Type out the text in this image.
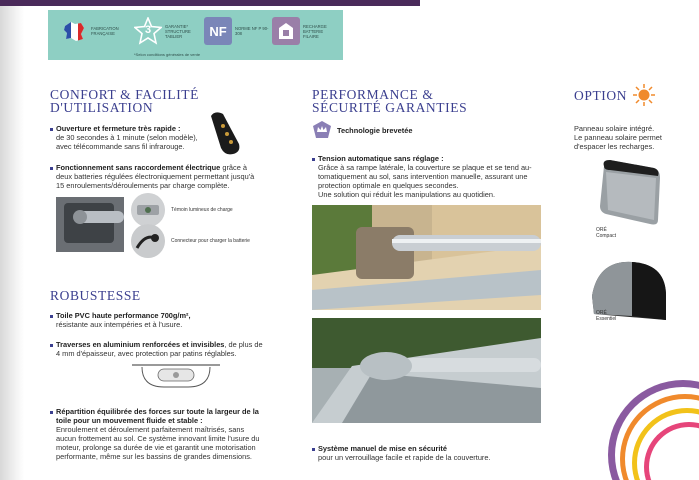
FABRICATION FRANÇAISE	3	GARANTIE* STRUCTURE TABLIER	NF NORME NF P 90-308
RECHARGE BATTERIE FILAIRE
*Selon conditions générales de vente
CONFORT & FACILITÉ
D'UTILISATION
Ouverture et fermeture très rapide :
de 30 secondes à 1 minute (selon modèle),
avec télécommande sans fil infrarouge.
Fonctionnement sans raccordement électrique grâce à
deux batteries régulées électroniquement permettant jusqu'à
15 enroulements/déroulements par charge complète.
Témoin lumineux de charge
Connecteur pour charger la batterie
ROBUSTESSE
Toile PVC haute performance 700g/m²,
résistante aux intempéries et à l'usure.
Traverses en aluminium renforcées et invisibles, de plus de
4 mm d'épaisseur, avec protection par patins réglables.
Répartition équilibrée des forces sur toute la largeur de la
toile pour un mouvement fluide et stable :
Enroulement et déroulement parfaitement maîtrisés, sans
aucun frottement au sol. Ce système innovant limite l'usure du
moteur, prolonge sa durée de vie et garantit une motorisation
performante, même sur les bassins de grandes dimensions.
PERFORMANCE &
SÉCURITÉ GARANTIES
Technologie brevetée
Tension automatique sans réglage :
Grâce à sa rampe latérale, la couverture se plaque et se tend au-
tomatiquement au sol, sans intervention manuelle, assurant une
protection optimale en quelques secondes.
Une solution qui réduit les manipulations au quotidien.
Système manuel de mise en sécurité
pour un verrouillage facile et rapide de la couverture.
OPTION
Panneau solaire intégré.
Le panneau solaire permet
d'espacer les recharges.
ORÉ
Compact
ORÉ
Essentiel
